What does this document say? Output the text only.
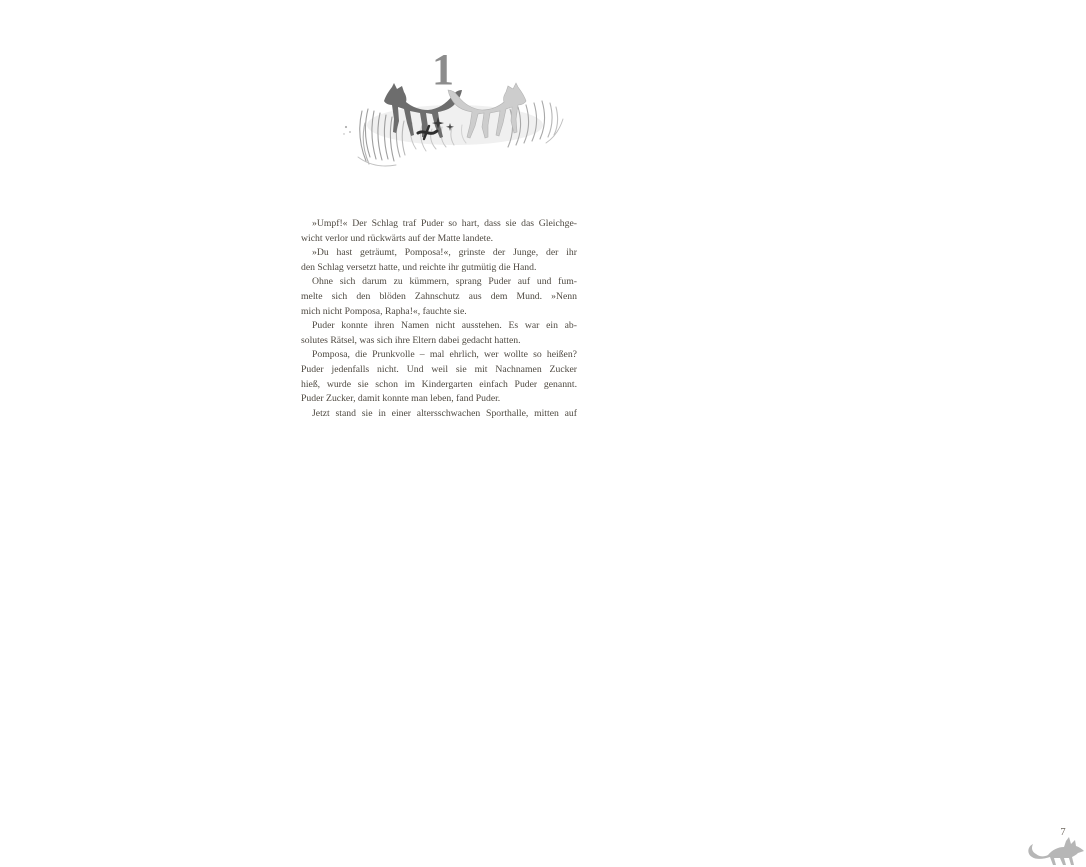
1
»Umpf!« Der Schlag traf Puder so hart, dass sie das Gleichge-
wicht verlor und rückwärts auf der Matte landete.
»Du hast geträumt, Pomposa!«, grinste der Junge, der ihr
den Schlag versetzt hatte, und reichte ihr gutmütig die Hand.
Ohne sich darum zu kümmern, sprang Puder auf und fum-
melte sich den blöden Zahnschutz aus dem Mund. »Nenn
mich nicht Pomposa, Rapha!«, fauchte sie.
Puder konnte ihren Namen nicht ausstehen. Es war ein ab-
solutes Rätsel, was sich ihre Eltern dabei gedacht hatten.
Pomposa, die Prunkvolle – mal ehrlich, wer wollte so heißen?
Puder jedenfalls nicht. Und weil sie mit Nachnamen Zucker
hieß, wurde sie schon im Kindergarten einfach Puder genannt.
Puder Zucker, damit konnte man leben, fand Puder.
Jetzt stand sie in einer altersschwachen Sporthalle, mitten auf
7
